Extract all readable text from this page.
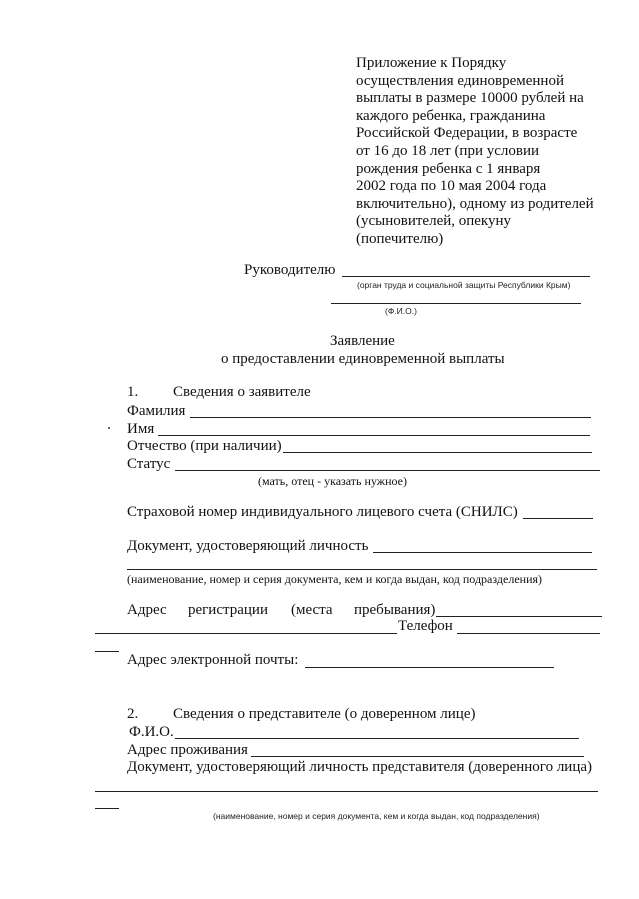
Приложение к Порядку
осуществления единовременной
выплаты в размере 10000 рублей на
каждого ребенка, гражданина
Российской Федерации, в возрасте
от 16 до 18 лет (при условии
рождения ребенка с 1 января
2002 года по 10 мая 2004 года
включительно), одному из родителей
(усыновителей, опекуну
(попечителю)
Руководителю
(орган труда и социальной защиты Республики Крым)
(Ф.И.О.)
Заявление
о предоставлении единовременной выплаты
1. Сведения о заявителе
Фамилия
Имя
Отчество (при наличии)
Статус
(мать, отец - указать нужное)
Страховой номер индивидуального лицевого счета (СНИЛС)
Документ, удостоверяющий личность
(наименование, номер и серия документа, кем и когда выдан, код подразделения)
Адрес регистрации (места пребывания)
Телефон
Адрес электронной почты:
2. Сведения о представителе (о доверенном лице)
Ф.И.О.
Адрес проживания
Документ, удостоверяющий личность представителя (доверенного лица)
(наименование, номер и серия документа, кем и когда выдан, код подразделения)
